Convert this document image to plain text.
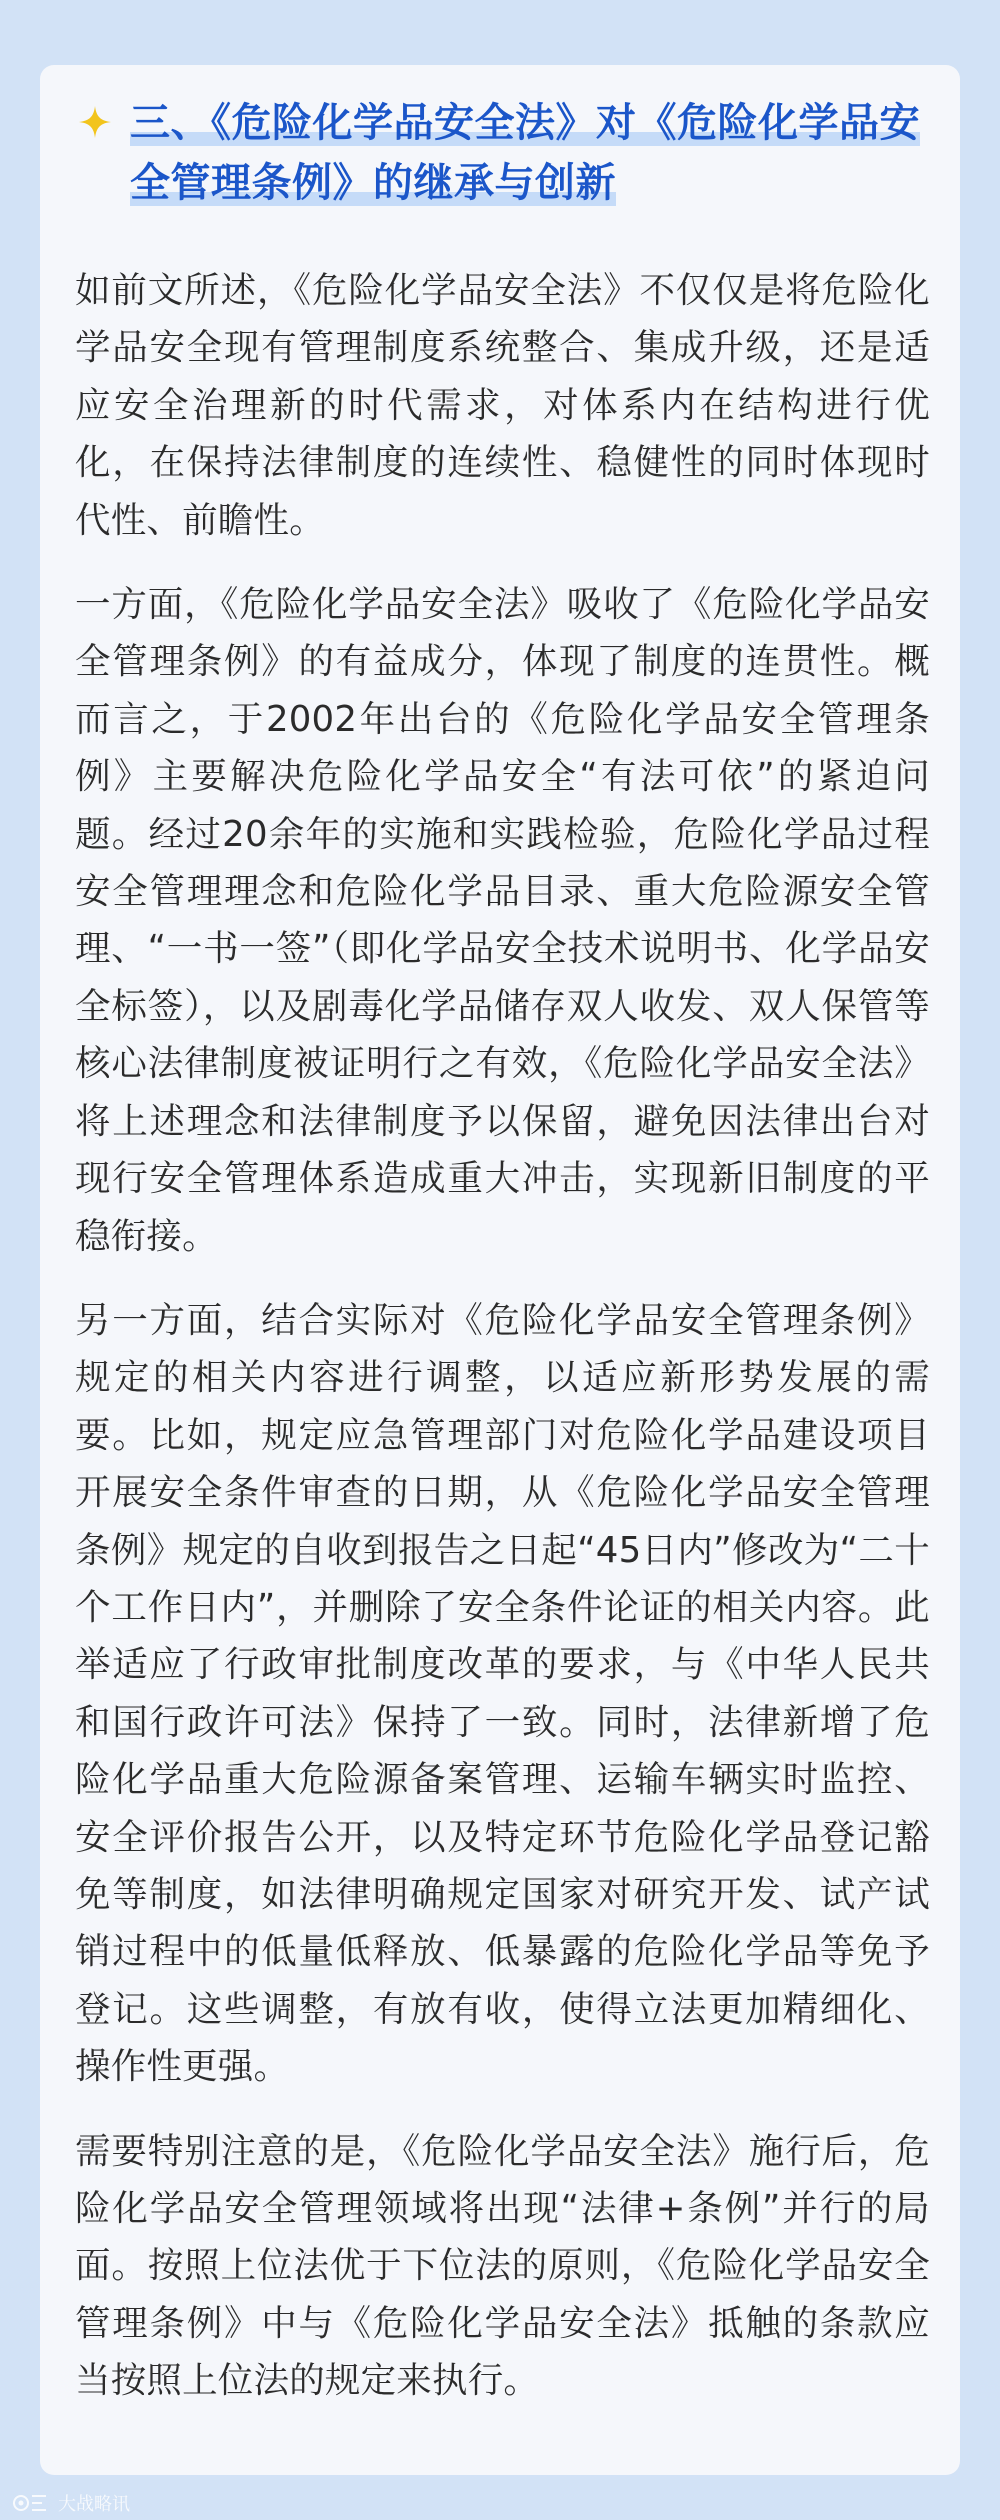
三、《危险化学品安全法》对《危险化学品安全管理条例》的继承与创新

如前文所述，《危险化学品安全法》不仅仅是将危险化学品安全现有管理制度系统整合、集成升级，还是适应安全治理新的时代需求，对体系内在结构进行优化，在保持法律制度的连续性、稳健性的同时体现时代性、前瞻性。

一方面，《危险化学品安全法》吸收了《危险化学品安全管理条例》的有益成分，体现了制度的连贯性。概而言之，于2002年出台的《危险化学品安全管理条例》主要解决危险化学品安全“有法可依”的紧迫问题。经过20余年的实施和实践检验，危险化学品过程安全管理理念和危险化学品目录、重大危险源安全管理、“一书一签”（即化学品安全技术说明书、化学品安全标签），以及剧毒化学品储存双人收发、双人保管等核心法律制度被证明行之有效，《危险化学品安全法》将上述理念和法律制度予以保留，避免因法律出台对现行安全管理体系造成重大冲击，实现新旧制度的平稳衔接。

另一方面，结合实际对《危险化学品安全管理条例》规定的相关内容进行调整，以适应新形势发展的需要。比如，规定应急管理部门对危险化学品建设项目开展安全条件审查的日期，从《危险化学品安全管理条例》规定的自收到报告之日起“45日内”修改为“二十个工作日内”，并删除了安全条件论证的相关内容。此举适应了行政审批制度改革的要求，与《中华人民共和国行政许可法》保持了一致。同时，法律新增了危险化学品重大危险源备案管理、运输车辆实时监控、安全评价报告公开，以及特定环节危险化学品登记豁免等制度，如法律明确规定国家对研究开发、试产试销过程中的低量低释放、低暴露的危险化学品等免予登记。这些调整，有放有收，使得立法更加精细化、操作性更强。

需要特别注意的是，《危险化学品安全法》施行后，危险化学品安全管理领域将出现“法律+条例”并行的局面。按照上位法优于下位法的原则，《危险化学品安全管理条例》中与《危险化学品安全法》抵触的条款应当按照上位法的规定来执行。

大战略讯
